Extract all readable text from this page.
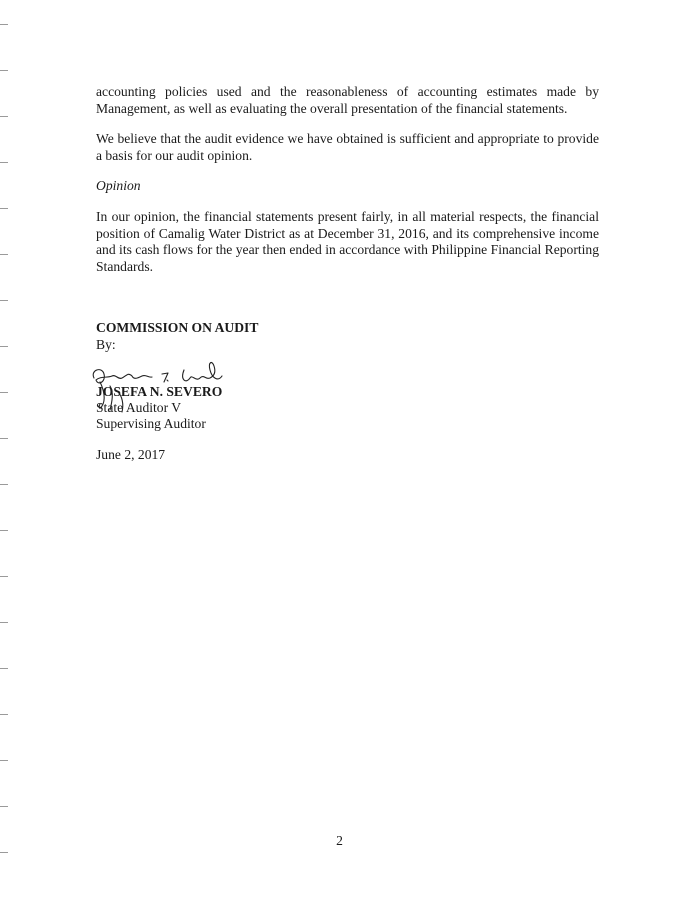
accounting policies used and the reasonableness of accounting estimates made by Management, as well as evaluating the overall presentation of the financial statements.

We believe that the audit evidence we have obtained is sufficient and appropriate to provide a basis for our audit opinion.

Opinion

In our opinion, the financial statements present fairly, in all material respects, the financial position of Camalig Water District as at December 31, 2016, and its comprehensive income and its cash flows for the year then ended in accordance with Philippine Financial Reporting Standards.

COMMISSION ON AUDIT

By:

JOSEFA N. SEVERO

State Auditor V

Supervising Auditor

June 2, 2017

2
